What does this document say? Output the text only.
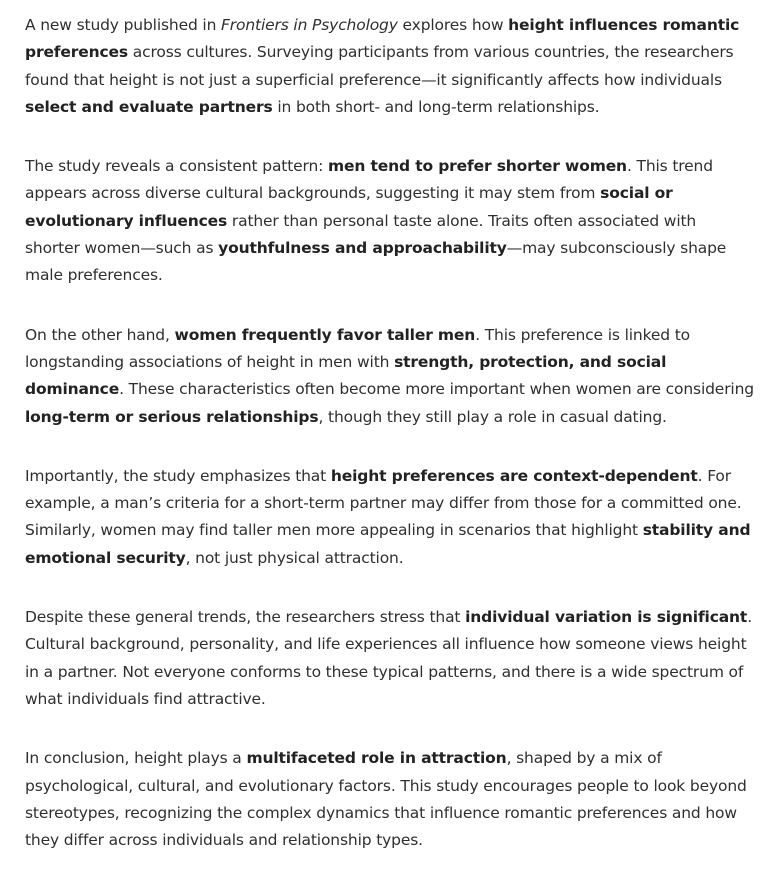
A new study published in Frontiers in Psychology explores how height influences romantic preferences across cultures. Surveying participants from various countries, the researchers found that height is not just a superficial preference—it significantly affects how individuals select and evaluate partners in both short- and long-term relationships.

The study reveals a consistent pattern: men tend to prefer shorter women. This trend appears across diverse cultural backgrounds, suggesting it may stem from social or evolutionary influences rather than personal taste alone. Traits often associated with shorter women—such as youthfulness and approachability—may subconsciously shape male preferences.

On the other hand, women frequently favor taller men. This preference is linked to longstanding associations of height in men with strength, protection, and social dominance. These characteristics often become more important when women are considering long-term or serious relationships, though they still play a role in casual dating.

Importantly, the study emphasizes that height preferences are context-dependent. For example, a man’s criteria for a short-term partner may differ from those for a committed one. Similarly, women may find taller men more appealing in scenarios that highlight stability and emotional security, not just physical attraction.

Despite these general trends, the researchers stress that individual variation is significant. Cultural background, personality, and life experiences all influence how someone views height in a partner. Not everyone conforms to these typical patterns, and there is a wide spectrum of what individuals find attractive.

In conclusion, height plays a multifaceted role in attraction, shaped by a mix of psychological, cultural, and evolutionary factors. This study encourages people to look beyond stereotypes, recognizing the complex dynamics that influence romantic preferences and how they differ across individuals and relationship types.
